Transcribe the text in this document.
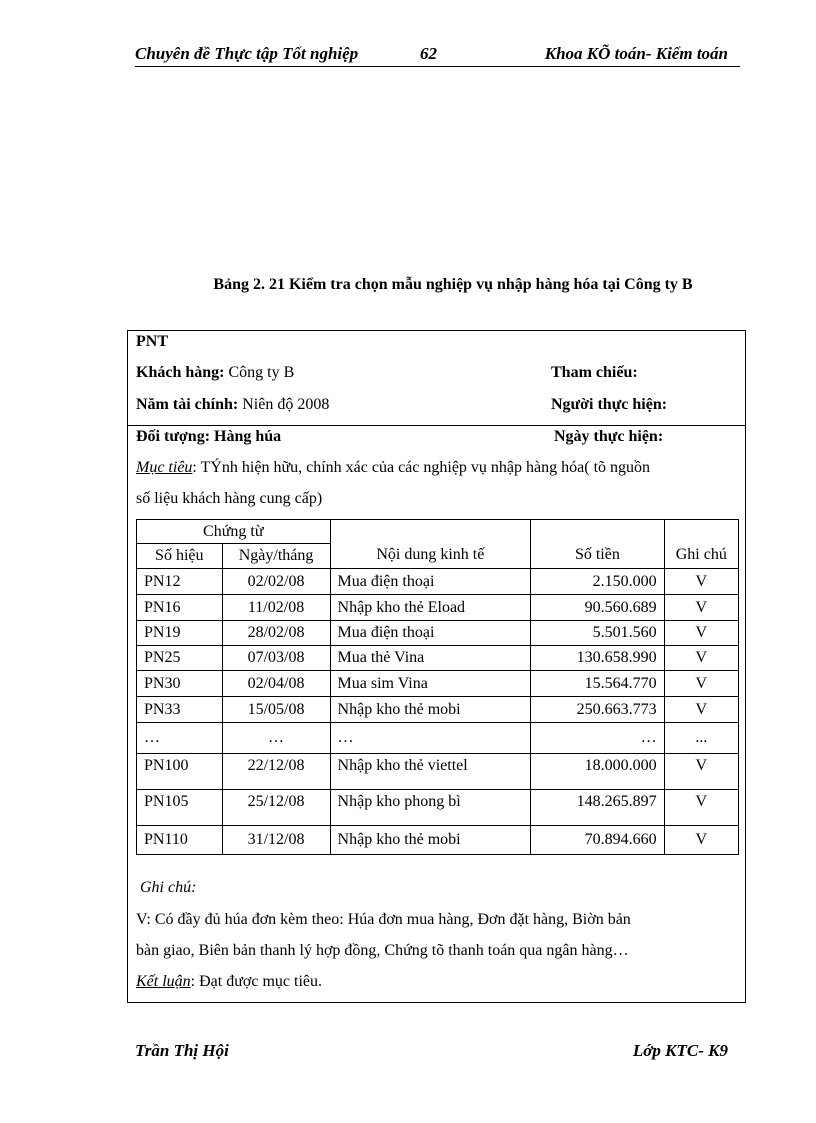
Chuyên đề Thực tập Tốt nghiệp	62	Khoa KÕ toán- Kiểm toán
Bảng 2. 21 Kiểm tra chọn mẫu nghiệp vụ nhập hàng hóa tại Công ty B
PNT
Khách hàng: Công ty B	Tham chiếu:
Năm tài chính: Niên độ 2008	Người thực hiện:
Đối tượng: Hàng húa	Ngày thực hiện:
Mục tiêu: TÝnh hiện hữu, chính xác của các nghiệp vụ nhập hàng hóa( tõ nguồn
số liệu khách hàng cung cấp)
Chứng từ		Nội dung kinh tế	Số tiền	Ghi chú
Số hiệu	Ngày/tháng			
PN12	02/02/08	Mua điện thoại	2.150.000	V
PN16	11/02/08	Nhập kho thẻ Eload	90.560.689	V
PN19	28/02/08	Mua điện thoại	5.501.560	V
PN25	07/03/08	Mua thẻ Vina	130.658.990	V
PN30	02/04/08	Mua sim Vina	15.564.770	V
PN33	15/05/08	Nhập kho thẻ mobi	250.663.773	V
…	…	…	…	...
PN100	22/12/08	Nhập kho thẻ viettel	18.000.000	V
PN105	25/12/08	Nhập kho phong bì	148.265.897	V
PN110	31/12/08	Nhập kho thẻ mobi	70.894.660	V
Ghi chú:
V: Có đầy đủ húa đơn kèm theo: Húa đơn mua hàng, Đơn đặt hàng, Biờn bản
bàn giao, Biên bản thanh lý hợp đồng, Chứng tõ thanh toán qua ngân hàng…
Kết luận: Đạt được mục tiêu.
Trần Thị Hội	Lớp KTC- K9
